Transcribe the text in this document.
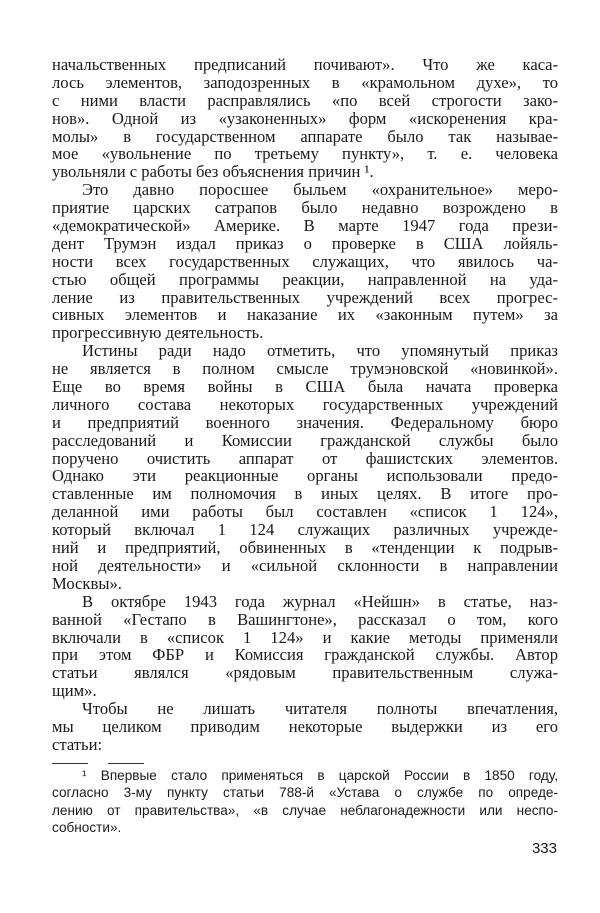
начальственных предписаний почивают». Что же касa-
лось элементов, заподозренных в «крамольном духе», то
с ними власти расправлялись «по всей строгости зако-
нов». Одной из «узаконенных» форм «искоренения кра-
молы» в государственном аппарате было так называе-
мое «увольнение по третьему пункту», т. е. человека
увольняли с работы без объяснения причин ¹.
Это давно поросшее быльем «охранительное» меро-
приятие царских сатрапов было недавно возрождено в
«демократической» Америке. В марте 1947 года прези-
дент Трумэн издал приказ о проверке в США лойяль-
ности всех государственных служащих, что явилось ча-
стью общей программы реакции, направленной на уда-
ление из правительственных учреждений всех прогрес-
сивных элементов и наказание их «законным путем» за
прогрессивную деятельность.
Истины ради надо отметить, что упомянутый приказ
не является в полном смысле трумэновской «новинкой».
Еще во время войны в США была начата проверка
личного состава некоторых государственных учреждений
и предприятий военного значения. Федеральному бюро
расследований и Комиссии гражданской службы было
поручено очистить аппарат от фашистских элементов.
Однако эти реакционные органы использовали предо-
ставленные им полномочия в иных целях. В итоге про-
деланной ими работы был составлен «список 1 124»,
который включал 1 124 служащих различных учрежде-
ний и предприятий, обвиненных в «тенденции к подрыв-
ной деятельности» и «сильной склонности в направлении
Москвы».
В октябре 1943 года журнал «Нейшн» в статье, наз-
ванной «Гестапо в Вашингтоне», рассказал о том, кого
включали в «список 1 124» и какие методы применяли
при этом ФБР и Комиссия гражданской службы. Автор
статьи являлся «рядовым правительственным служа-
щим».
Чтобы не лишать читателя полноты впечатления,
мы целиком приводим некоторые выдержки из его
статьи:
¹ Впервые стало применяться в царской России в 1850 году,
согласно 3-му пункту статьи 788-й «Устава о службе по опреде-
лению от правительства», «в случае неблагонадежности или неспо-
собности».
333
